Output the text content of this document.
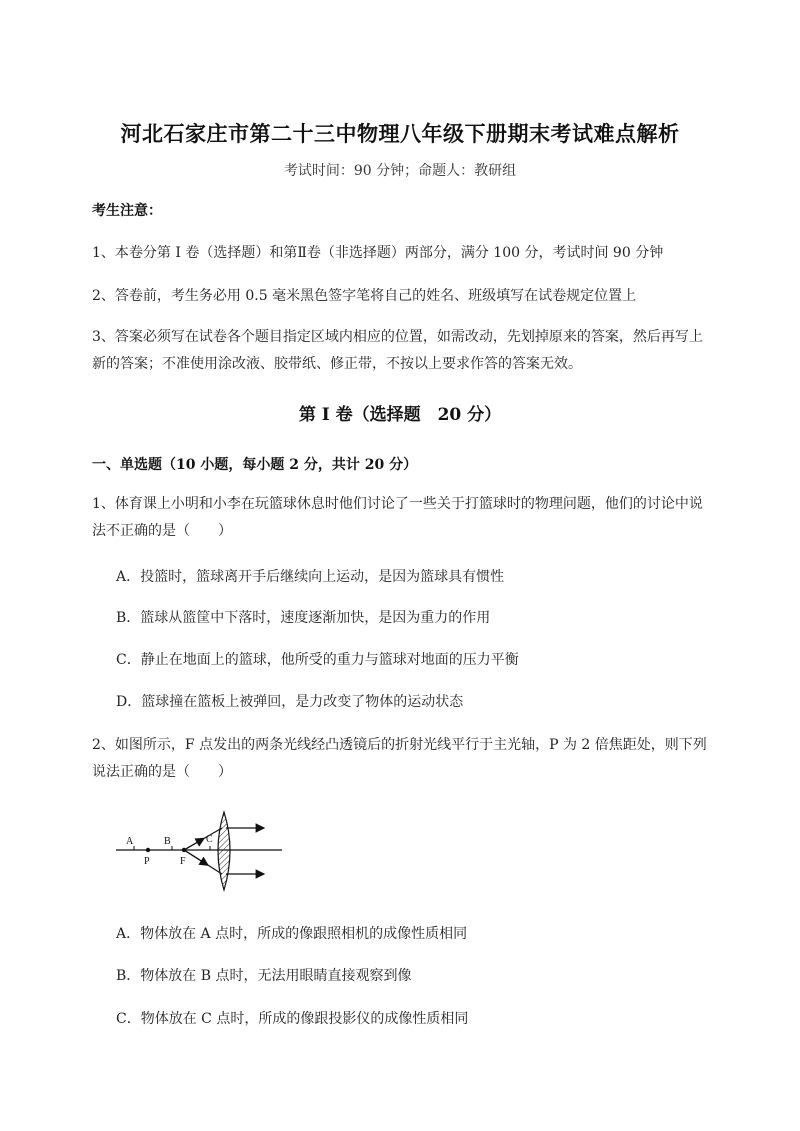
河北石家庄市第二十三中物理八年级下册期末考试难点解析
考试时间：90 分钟；命题人：教研组
考生注意：
1、本卷分第 I 卷（选择题）和第Ⅱ卷（非选择题）两部分，满分 100 分，考试时间 90 分钟
2、答卷前，考生务必用 0.5 毫米黑色签字笔将自己的姓名、班级填写在试卷规定位置上
3、答案必须写在试卷各个题目指定区域内相应的位置，如需改动，先划掉原来的答案，然后再写上新的答案；不准使用涂改液、胶带纸、修正带，不按以上要求作答的答案无效。
第 I 卷（选择题　20 分）
一、单选题（10 小题，每小题 2 分，共计 20 分）
1、体育课上小明和小李在玩篮球休息时他们讨论了一些关于打篮球时的物理问题，他们的讨论中说法不正确的是（　　）
A．投篮时，篮球离开手后继续向上运动，是因为篮球具有惯性
B．篮球从篮筐中下落时，速度逐渐加快，是因为重力的作用
C．静止在地面上的篮球，他所受的重力与篮球对地面的压力平衡
D．篮球撞在篮板上被弹回，是力改变了物体的运动状态
2、如图所示，F 点发出的两条光线经凸透镜后的折射光线平行于主光轴，P 为 2 倍焦距处，则下列说法正确的是（　　）
A	B	C
P	F
A．物体放在 A 点时，所成的像跟照相机的成像性质相同
B．物体放在 B 点时，无法用眼睛直接观察到像
C．物体放在 C 点时，所成的像跟投影仪的成像性质相同
